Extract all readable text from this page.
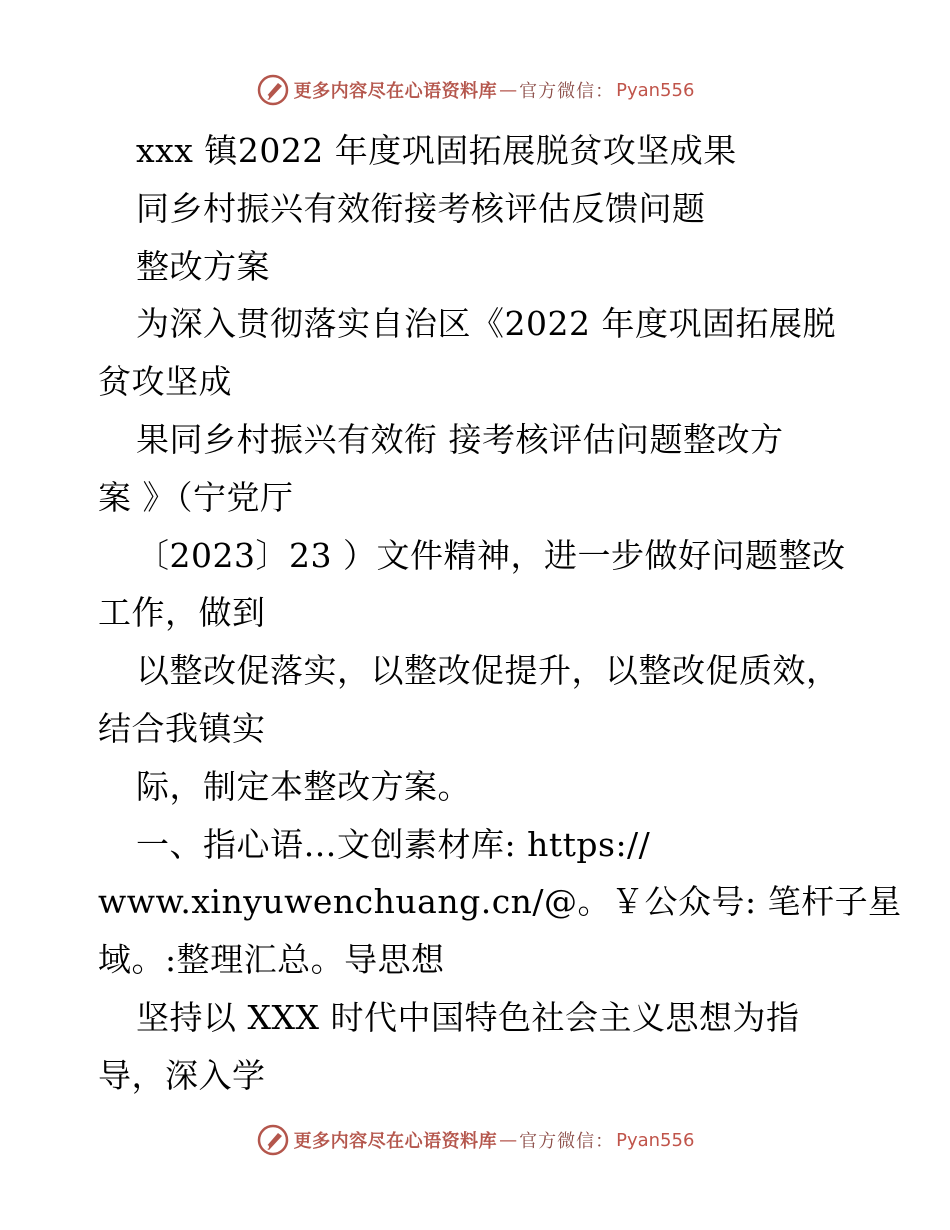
更多内容尽在心语资料库 — 官方微信： Pyan556
xxx 镇2022 年度巩固拓展脱贫攻坚成果
同乡村振兴有效衔接考核评估反馈问题
整改方案
为深入贯彻落实自治区《2022 年度巩固拓展脱
贫攻坚成
果同乡村振兴有效衔 接考核评估问题整改方
案 》（宁党厅
〔2023〕23 ）文件精神，进一步做好问题整改
工作，做到
以整改促落实，以整改促提升，以整改促质效，
结合我镇实
际，制定本整改方案。
一、指心语…文创素材库: https://
www.xinyuwenchuang.cn/@。￥公众号: 笔杆子星
域。:整理汇总。导思想
坚持以 XXX 时代中国特色社会主义思想为指
导，深入学
更多内容尽在心语资料库 — 官方微信： Pyan556
